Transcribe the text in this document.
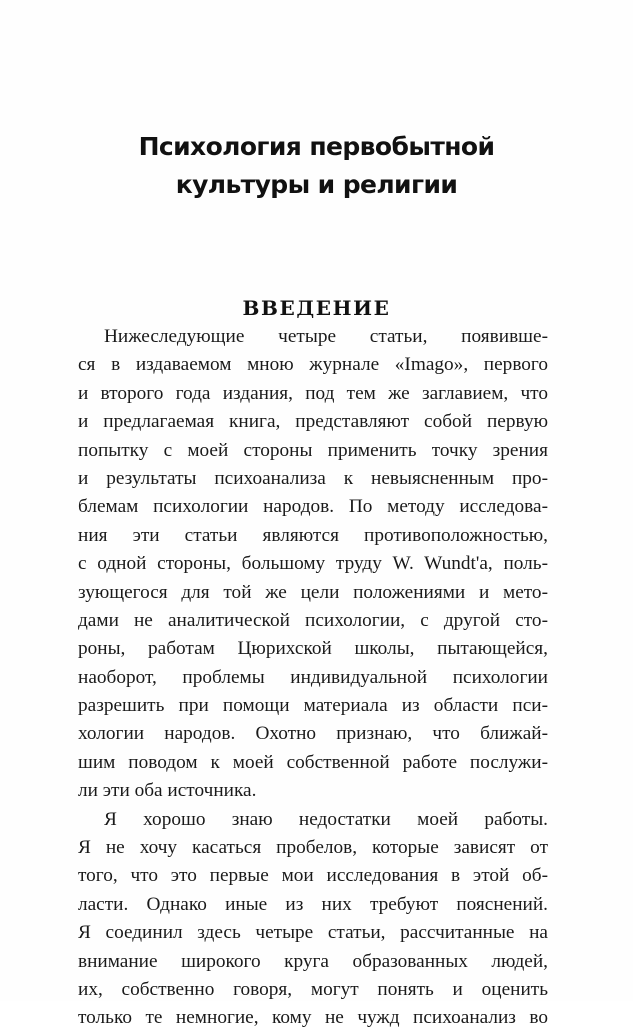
Психология первобытной
культуры и религии
ВВЕДЕНИЕ
Нижеследующие четыре статьи, появивше-
ся в издаваемом мною журнале «Imago», первого
и второго года издания, под тем же заглавием, что
и предлагаемая книга, представляют собой первую
попытку с моей стороны применить точку зрения
и результаты психоанализа к невыясненным про-
блемам психологии народов. По методу исследова-
ния эти статьи являются противоположностью,
с одной стороны, большому труду W. Wundt'a, поль-
зующегося для той же цели положениями и мето-
дами не аналитической психологии, с другой сто-
роны, работам Цюрихской школы, пытающейся,
наоборот, проблемы индивидуальной психологии
разрешить при помощи материала из области пси-
хологии народов. Охотно признаю, что ближай-
шим поводом к моей собственной работе послужи-
ли эти оба источника.
Я хорошо знаю недостатки моей работы.
Я не хочу касаться пробелов, которые зависят от
того, что это первые мои исследования в этой об-
ласти. Однако иные из них требуют пояснений.
Я соединил здесь четыре статьи, рассчитанные на
внимание широкого круга образованных людей,
их, собственно говоря, могут понять и оценить
только те немногие, кому не чужд психоанализ во
